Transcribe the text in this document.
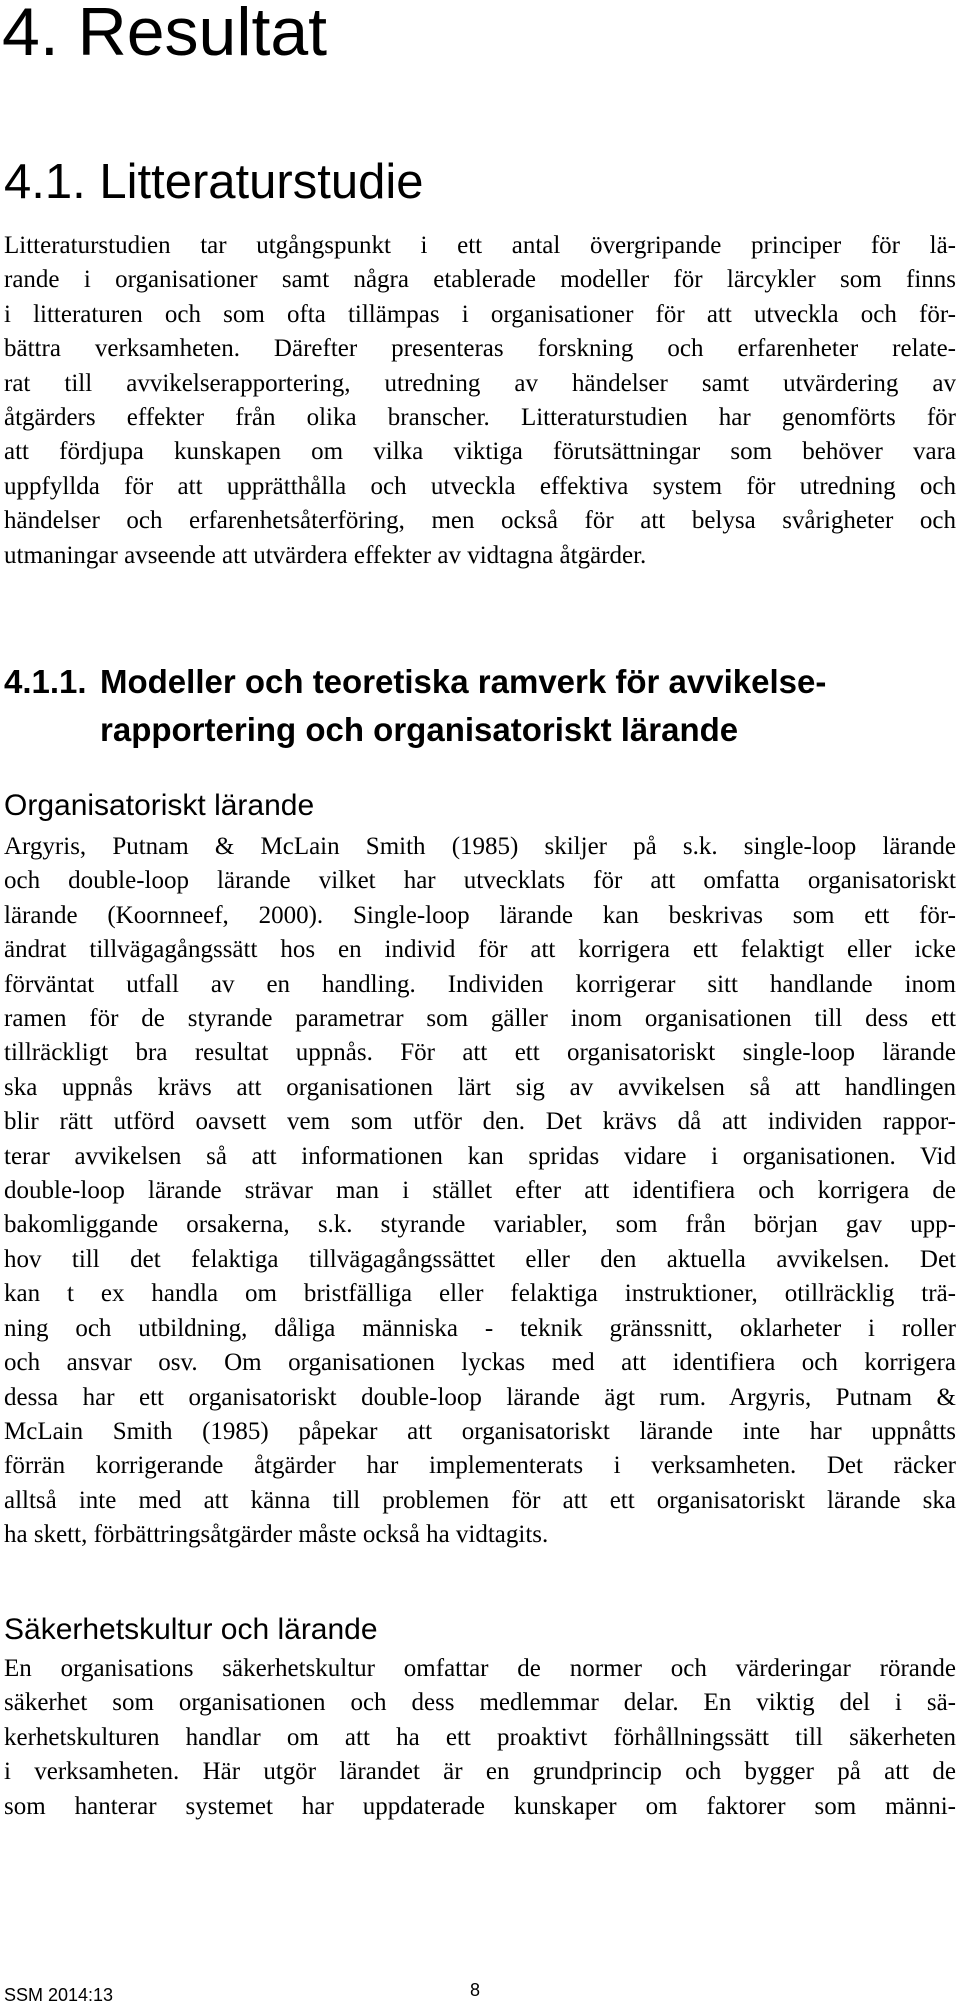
4. Resultat
4.1. Litteraturstudie
Litteraturstudien tar utgångspunkt i ett antal övergripande principer för lä-
rande i organisationer samt några etablerade modeller för lärcykler som finns
i litteraturen och som ofta tillämpas i organisationer för att utveckla och för-
bättra verksamheten. Därefter presenteras forskning och erfarenheter relate-
rat till avvikelserapportering, utredning av händelser samt utvärdering av
åtgärders effekter från olika branscher. Litteraturstudien har genomförts för
att fördjupa kunskapen om vilka viktiga förutsättningar som behöver vara
uppfyllda för att upprätthålla och utveckla effektiva system för utredning och
händelser och erfarenhetsåterföring, men också för att belysa svårigheter och
utmaningar avseende att utvärdera effekter av vidtagna åtgärder.
4.1.1. Modeller och teoretiska ramverk för avvikelse-
rapportering och organisatoriskt lärande
Organisatoriskt lärande
Argyris, Putnam & McLain Smith (1985) skiljer på s.k. single-loop lärande
och double-loop lärande vilket har utvecklats för att omfatta organisatoriskt
lärande (Koornneef, 2000). Single-loop lärande kan beskrivas som ett för-
ändrat tillvägagångssätt hos en individ för att korrigera ett felaktigt eller icke
förväntat utfall av en handling. Individen korrigerar sitt handlande inom
ramen för de styrande parametrar som gäller inom organisationen till dess ett
tillräckligt bra resultat uppnås. För att ett organisatoriskt single-loop lärande
ska uppnås krävs att organisationen lärt sig av avvikelsen så att handlingen
blir rätt utförd oavsett vem som utför den. Det krävs då att individen rappor-
terar avvikelsen så att informationen kan spridas vidare i organisationen. Vid
double-loop lärande strävar man i stället efter att identifiera och korrigera de
bakomliggande orsakerna, s.k. styrande variabler, som från början gav upp-
hov till det felaktiga tillvägagångssättet eller den aktuella avvikelsen. Det
kan t ex handla om bristfälliga eller felaktiga instruktioner, otillräcklig trä-
ning och utbildning, dåliga människa - teknik gränssnitt, oklarheter i roller
och ansvar osv. Om organisationen lyckas med att identifiera och korrigera
dessa har ett organisatoriskt double-loop lärande ägt rum. Argyris, Putnam &
McLain Smith (1985) påpekar att organisatoriskt lärande inte har uppnåtts
förrän korrigerande åtgärder har implementerats i verksamheten. Det räcker
alltså inte med att känna till problemen för att ett organisatoriskt lärande ska
ha skett, förbättringsåtgärder måste också ha vidtagits.
Säkerhetskultur och lärande
En organisations säkerhetskultur omfattar de normer och värderingar rörande
säkerhet som organisationen och dess medlemmar delar. En viktig del i sä-
kerhetskulturen handlar om att ha ett proaktivt förhållningssätt till säkerheten
i verksamheten. Här utgör lärandet är en grundprincip och bygger på att de
som hanterar systemet har uppdaterade kunskaper om faktorer som männi-

SSM 2014:13	8
